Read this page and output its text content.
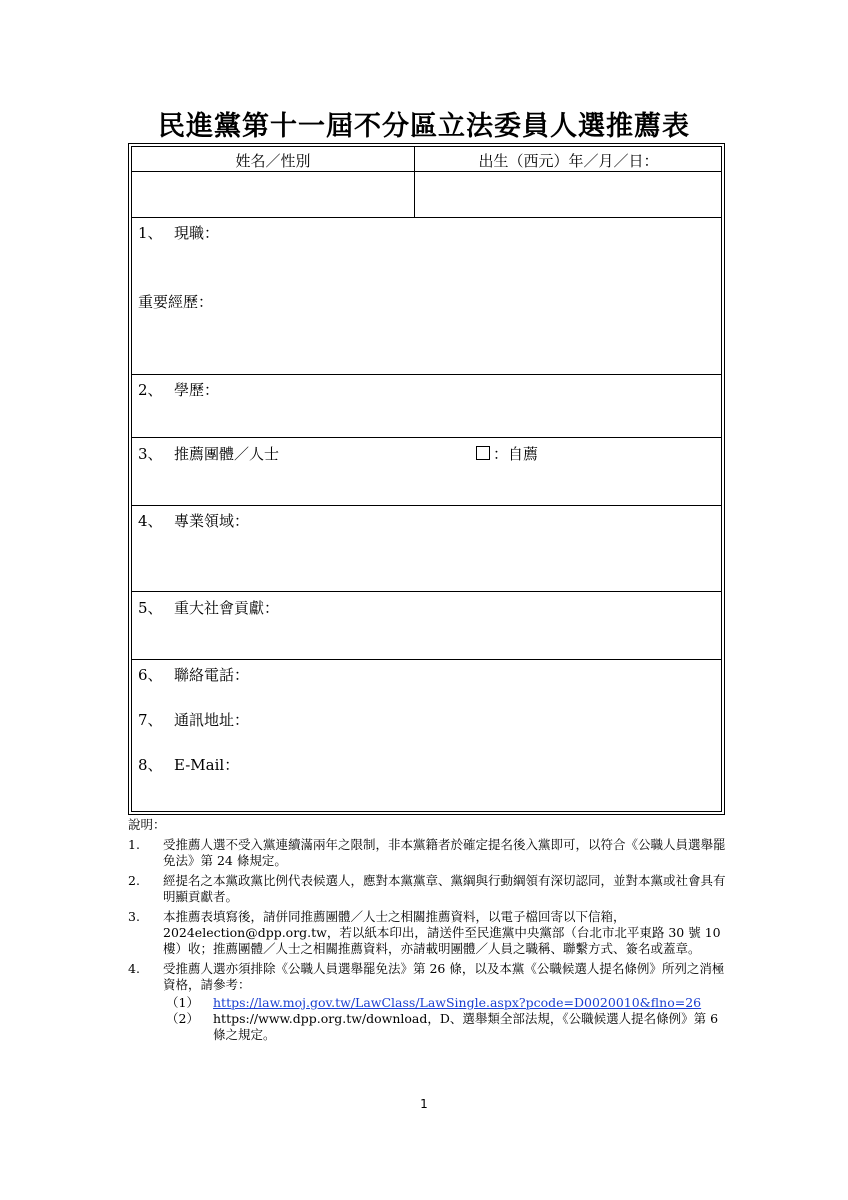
民進黨第十一屆不分區立法委員人選推薦表
姓名／性別	出生（西元）年／月／日：
1、 現職：
重要經歷：
2、 學歷：
3、 推薦團體／人士	：自薦
4、 專業領域：
5、 重大社會貢獻：
6、 聯絡電話：
7、 通訊地址：
8、 E-Mail：
說明：
1. 受推薦人選不受入黨連續滿兩年之限制，非本黨籍者於確定提名後入黨即可，以符合《公職人員選舉罷免法》第 24 條規定。
2. 經提名之本黨政黨比例代表候選人，應對本黨黨章、黨綱與行動綱領有深切認同，並對本黨或社會具有明顯貢獻者。
3. 本推薦表填寫後，請併同推薦團體／人士之相關推薦資料，以電子檔回寄以下信箱，2024election@dpp.org.tw，若以紙本印出，請送件至民進黨中央黨部（台北市北平東路 30 號 10 樓）收；推薦團體／人士之相關推薦資料，亦請載明團體／人員之職稱、聯繫方式、簽名或蓋章。
4. 受推薦人選亦須排除《公職人員選舉罷免法》第 26 條，以及本黨《公職候選人提名條例》所列之消極資格，請參考：
（1） https://law.moj.gov.tw/LawClass/LawSingle.aspx?pcode=D0020010&flno=26
（2） https://www.dpp.org.tw/download，D、選舉類全部法規，《公職候選人提名條例》第 6 條之規定。
1
